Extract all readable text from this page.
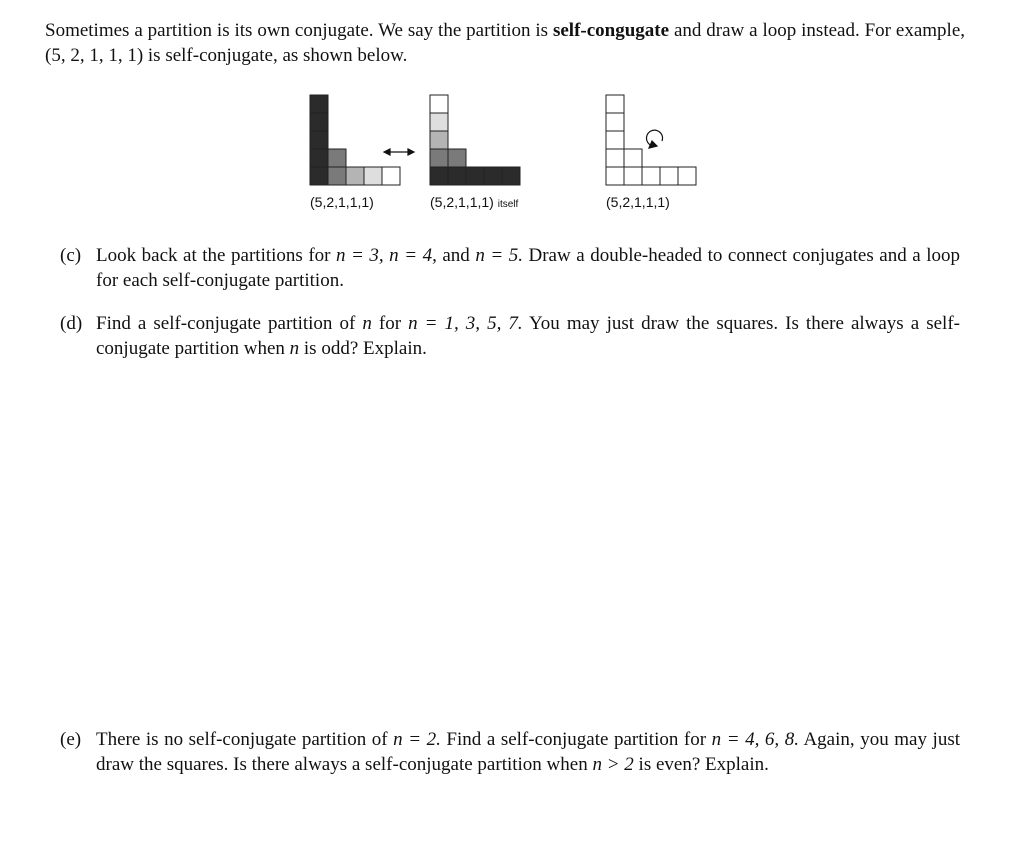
Sometimes a partition is its own conjugate. We say the partition is self-congugate and draw a loop instead. For example, (5, 2, 1, 1, 1) is self-conjugate, as shown below.
(5,2,1,1,1)	(5,2,1,1,1) itself	(5,2,1,1,1)
(c) Look back at the partitions for n = 3, n = 4, and n = 5. Draw a double-headed to connect conjugates and a loop for each self-conjugate partition.
(d) Find a self-conjugate partition of n for n = 1, 3, 5, 7. You may just draw the squares. Is there always a self-conjugate partition when n is odd? Explain.
(e) There is no self-conjugate partition of n = 2. Find a self-conjugate partition for n = 4, 6, 8. Again, you may just draw the squares. Is there always a self-conjugate partition when n > 2 is even? Explain.
